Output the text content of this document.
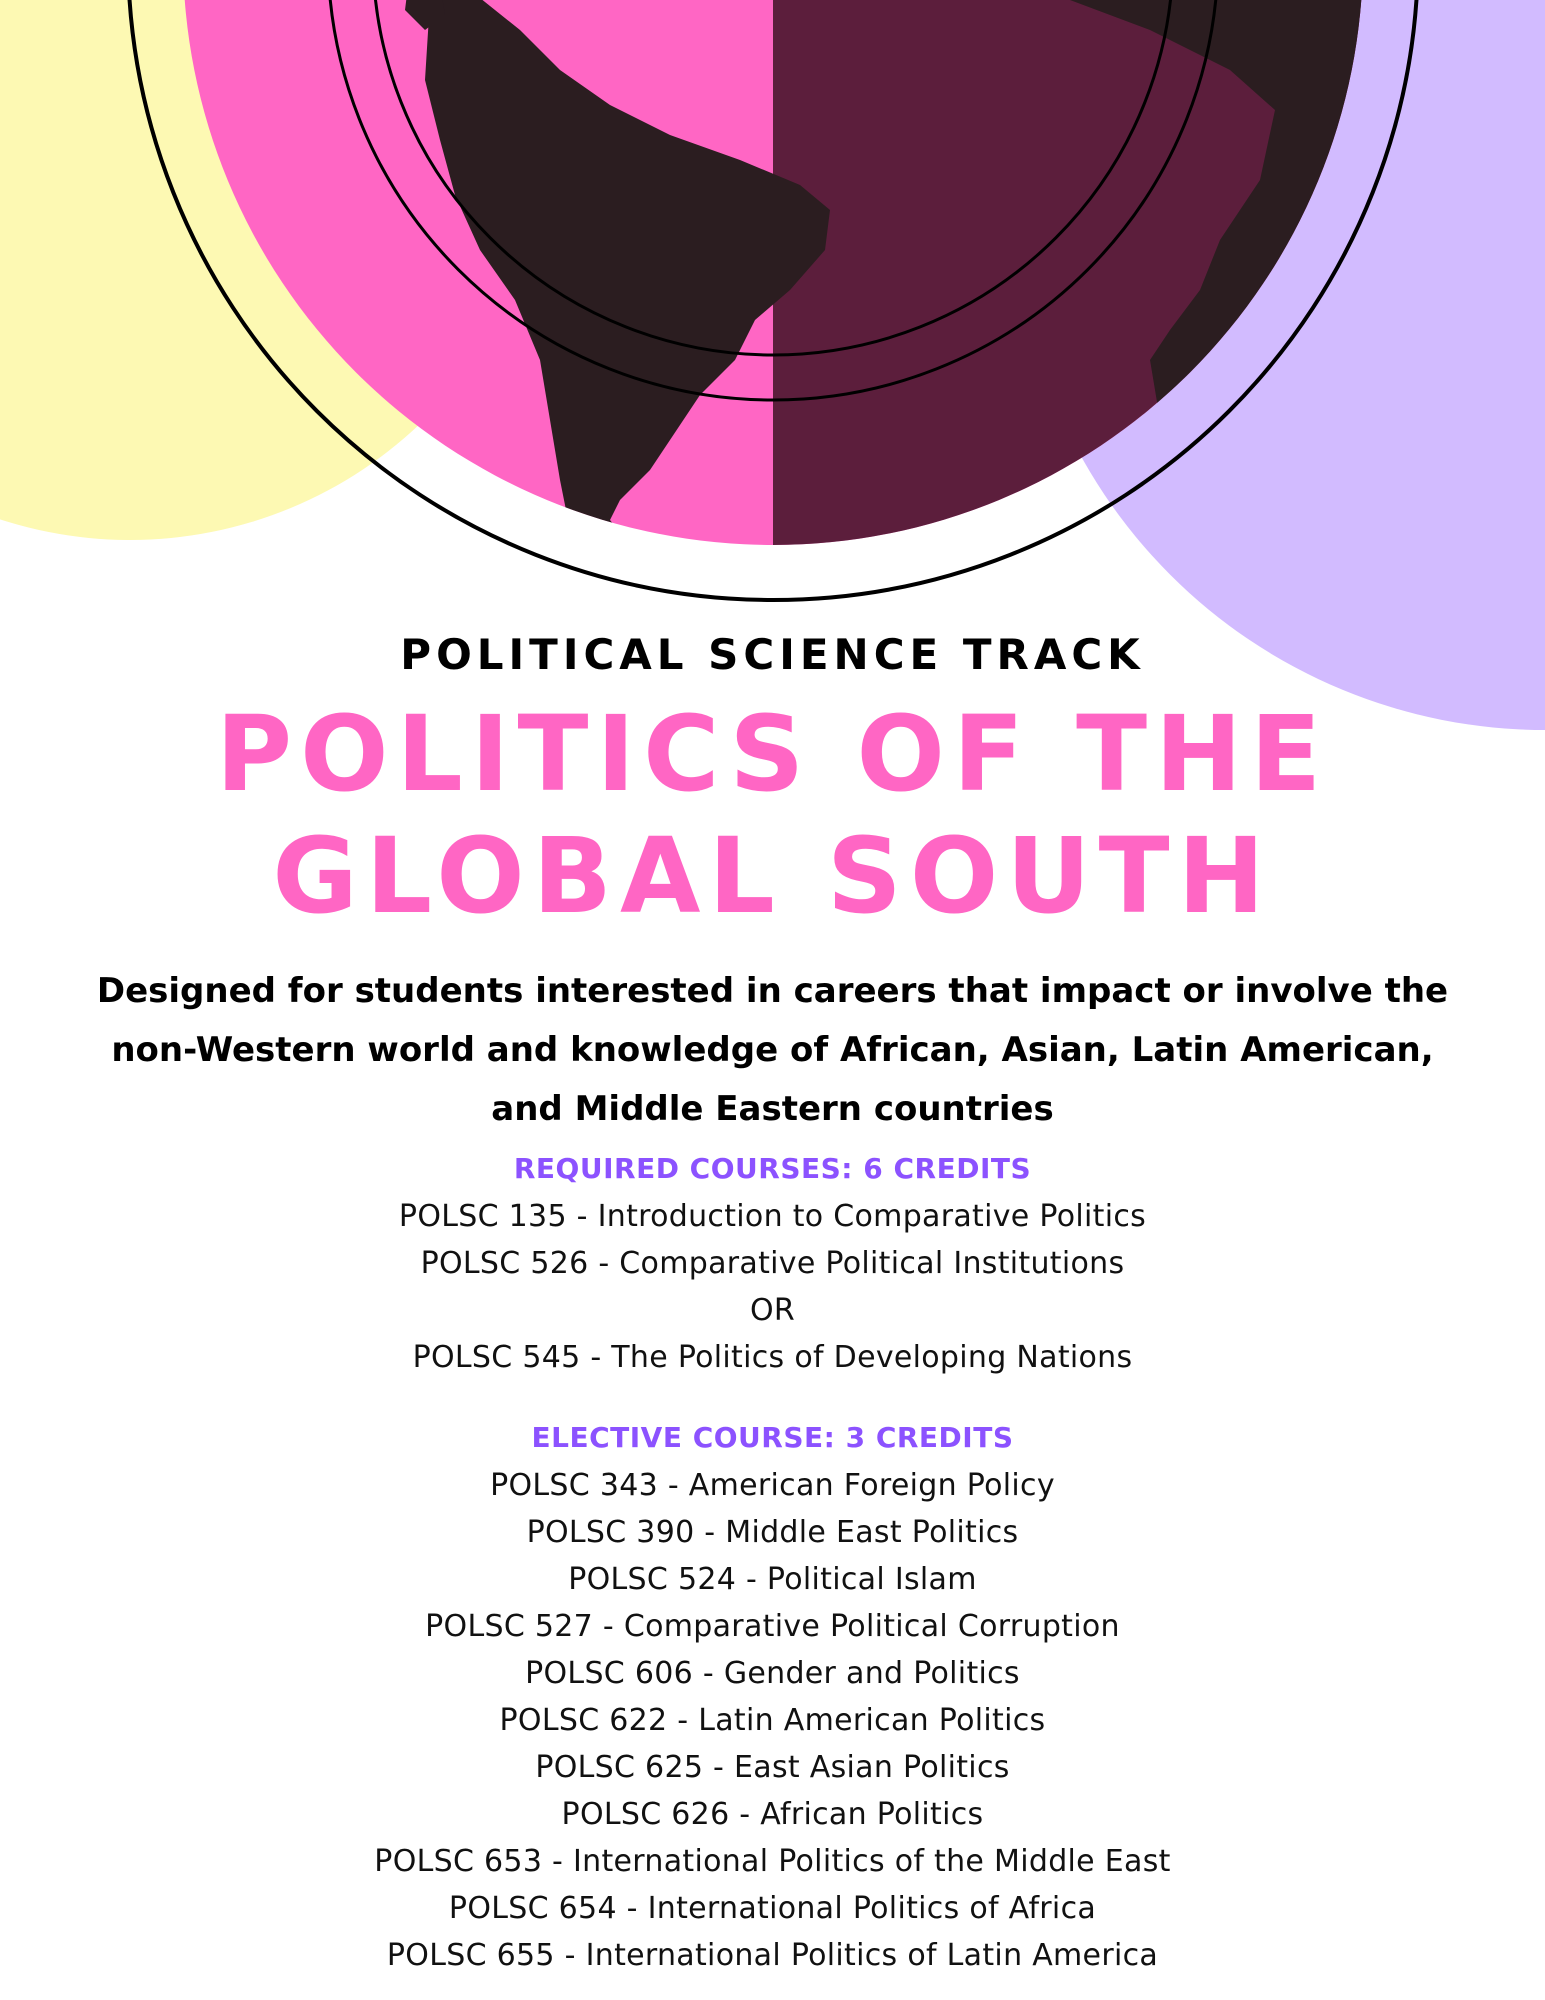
POLITICAL SCIENCE TRACK
POLITICS OF THE
GLOBAL SOUTH
Designed for students interested in careers that impact or involve the non-Western world and knowledge of African, Asian, Latin American, and Middle Eastern countries
REQUIRED COURSES: 6 CREDITS
POLSC 135 - Introduction to Comparative Politics
POLSC 526 - Comparative Political Institutions
OR
POLSC 545 - The Politics of Developing Nations
ELECTIVE COURSE: 3 CREDITS
POLSC 343 - American Foreign Policy
POLSC 390 - Middle East Politics
POLSC 524 - Political Islam
POLSC 527 - Comparative Political Corruption
POLSC 606 - Gender and Politics
POLSC 622 - Latin American Politics
POLSC 625 - East Asian Politics
POLSC 626 - African Politics
POLSC 653 - International Politics of the Middle East
POLSC 654 - International Politics of Africa
POLSC 655 - International Politics of Latin America
